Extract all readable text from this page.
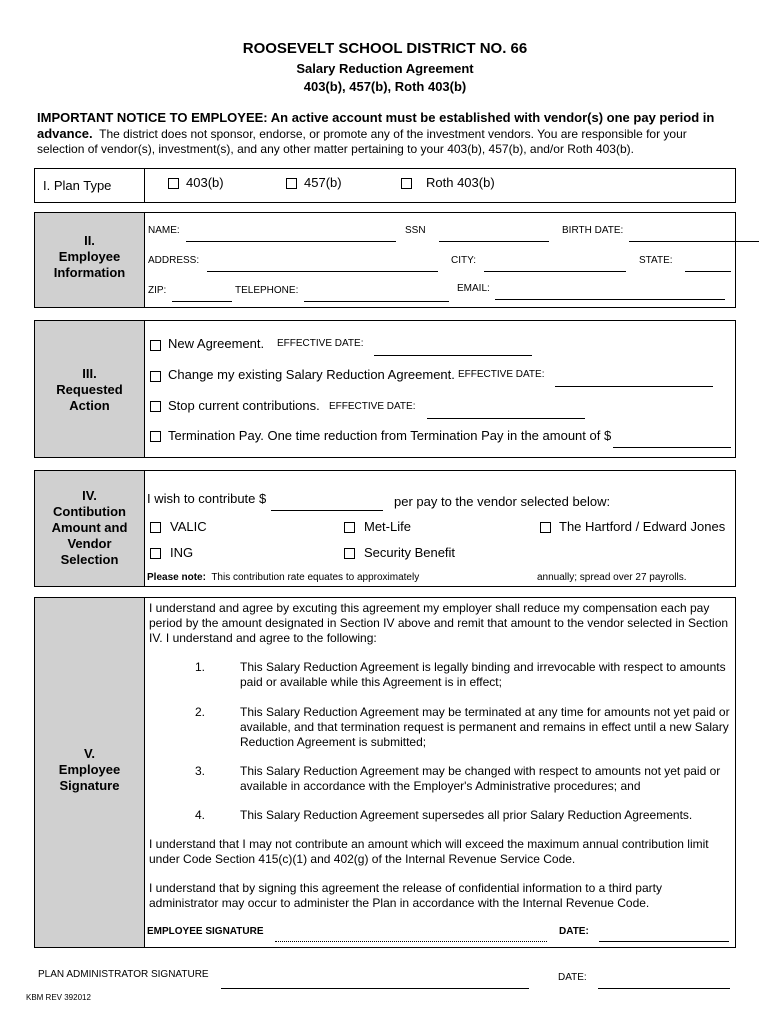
ROOSEVELT SCHOOL DISTRICT NO. 66
Salary Reduction Agreement
403(b), 457(b), Roth 403(b)
IMPORTANT NOTICE TO EMPLOYEE: An active account must be established with vendor(s) one pay period in advance. The district does not sponsor, endorse, or promote any of the investment vendors. You are responsible for your selection of vendor(s), investment(s), and any other matter pertaining to your 403(b), 457(b), and/or Roth 403(b).
I. Plan Type	403(b)	457(b)	Roth 403(b)
II.
Employee
Information
NAME:	SSN	BIRTH DATE:
ADDRESS:	CITY:	STATE:
ZIP:	TELEPHONE:	EMAIL:
III.
Requested
Action
New Agreement. EFFECTIVE DATE:
Change my existing Salary Reduction Agreement. EFFECTIVE DATE:
Stop current contributions. EFFECTIVE DATE:
Termination Pay. One time reduction from Termination Pay in the amount of $
IV.
Contibution
Amount and
Vendor
Selection
I wish to contribute $	per pay to the vendor selected below:
VALIC	Met-Life	The Hartford / Edward Jones
ING	Security Benefit
Please note: This contribution rate equates to approximately	annually; spread over 27 payrolls.
V.
Employee
Signature
I understand and agree by excuting this agreement my employer shall reduce my compensation each pay period by the amount designated in Section IV above and remit that amount to the vendor selected in Section IV. I understand and agree to the following:
1.	This Salary Reduction Agreement is legally binding and irrevocable with respect to amounts paid or available while this Agreement is in effect;
2.	This Salary Reduction Agreement may be terminated at any time for amounts not yet paid or available, and that termination request is permanent and remains in effect until a new Salary Reduction Agreement is submitted;
3.	This Salary Reduction Agreement may be changed with respect to amounts not yet paid or available in accordance with the Employer's Administrative procedures; and
4.	This Salary Reduction Agreement supersedes all prior Salary Reduction Agreements.
I understand that I may not contribute an amount which will exceed the maximum annual contribution limit under Code Section 415(c)(1) and 402(g) of the Internal Revenue Service Code.
I understand that by signing this agreement the release of confidential information to a third party administrator may occur to administer the Plan in accordance with the Internal Revenue Code.
EMPLOYEE SIGNATURE	DATE:
PLAN ADMINISTRATOR SIGNATURE	DATE:
KBM REV 392012
